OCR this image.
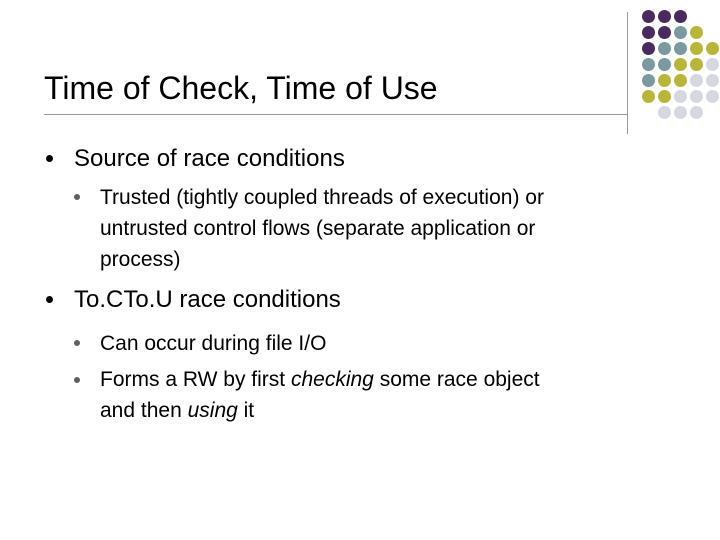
Time of Check, Time of Use
Source of race conditions
Trusted (tightly coupled threads of execution) or
untrusted control flows (separate application or
process)
To.CTo.U race conditions
Can occur during file I/O
Forms a RW by first checking some race object
and then using it
